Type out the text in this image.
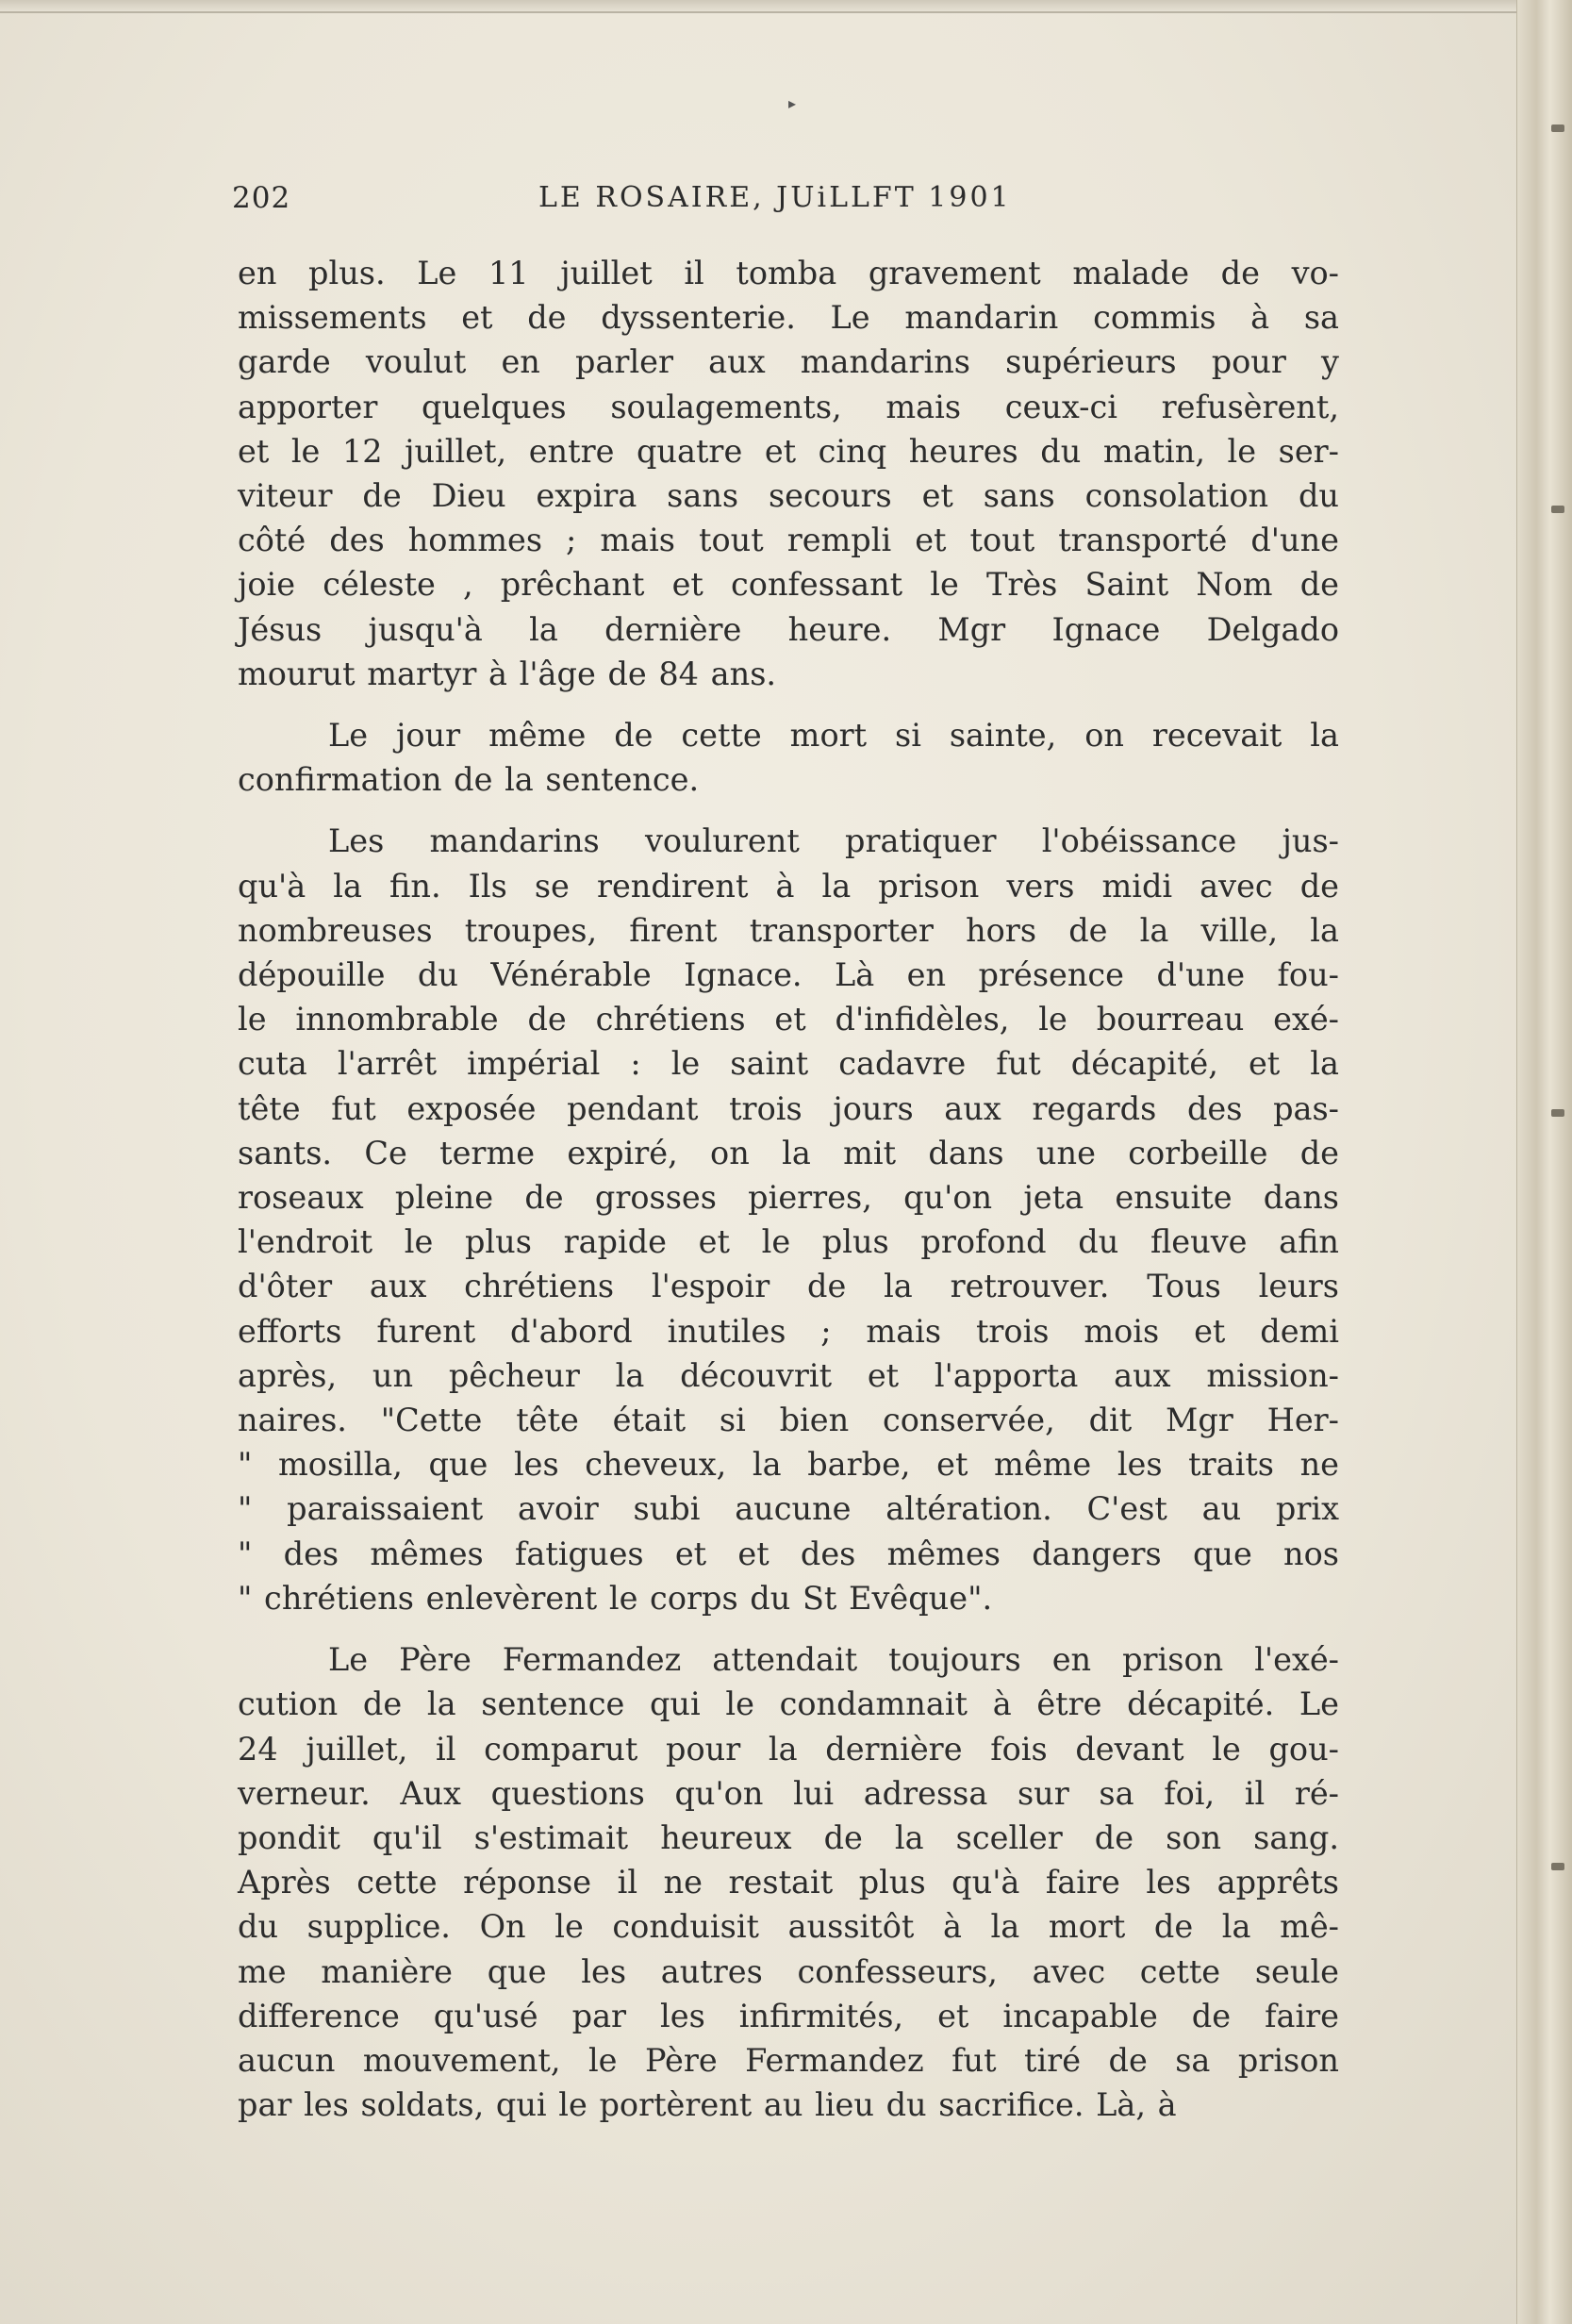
▸
202	LE ROSAIRE, JUiLLFT 1901

en plus. Le 11 juillet il tomba gravement malade de vo-
missements et de dyssenterie. Le mandarin commis à sa
garde voulut en parler aux mandarins supérieurs pour y
apporter quelques soulagements, mais ceux-ci refusèrent,
et le 12 juillet, entre quatre et cinq heures du matin, le ser-
viteur de Dieu expira sans secours et sans consolation du
côté des hommes ; mais tout rempli et tout transporté d'une
joie céleste , prêchant et confessant le Très Saint Nom de
Jésus jusqu'à la dernière heure. Mgr Ignace Delgado
mourut martyr à l'âge de 84 ans.

Le jour même de cette mort si sainte, on recevait la
confirmation de la sentence.

Les mandarins voulurent pratiquer l'obéissance jus-
qu'à la fin. Ils se rendirent à la prison vers midi avec de
nombreuses troupes, firent transporter hors de la ville, la
dépouille du Vénérable Ignace. Là en présence d'une fou-
le innombrable de chrétiens et d'infidèles, le bourreau exé-
cuta l'arrêt impérial : le saint cadavre fut décapité, et la
tête fut exposée pendant trois jours aux regards des pas-
sants. Ce terme expiré, on la mit dans une corbeille de
roseaux pleine de grosses pierres, qu'on jeta ensuite dans
l'endroit le plus rapide et le plus profond du fleuve afin
d'ôter aux chrétiens l'espoir de la retrouver. Tous leurs
efforts furent d'abord inutiles ; mais trois mois et demi
après, un pêcheur la découvrit et l'apporta aux mission-
naires. "Cette tête était si bien conservée, dit Mgr Her-
" mosilla, que les cheveux, la barbe, et même les traits ne
" paraissaient avoir subi aucune altération. C'est au prix
" des mêmes fatigues et et des mêmes dangers que nos
" chrétiens enlevèrent le corps du St Evêque".

Le Père Fermandez attendait toujours en prison l'exé-
cution de la sentence qui le condamnait à être décapité. Le
24 juillet, il comparut pour la dernière fois devant le gou-
verneur. Aux questions qu'on lui adressa sur sa foi, il ré-
pondit qu'il s'estimait heureux de la sceller de son sang.
Après cette réponse il ne restait plus qu'à faire les apprêts
du supplice. On le conduisit aussitôt à la mort de la mê-
me manière que les autres confesseurs, avec cette seule
difference qu'usé par les infirmités, et incapable de faire
aucun mouvement, le Père Fermandez fut tiré de sa prison
par les soldats, qui le portèrent au lieu du sacrifice. Là, à
